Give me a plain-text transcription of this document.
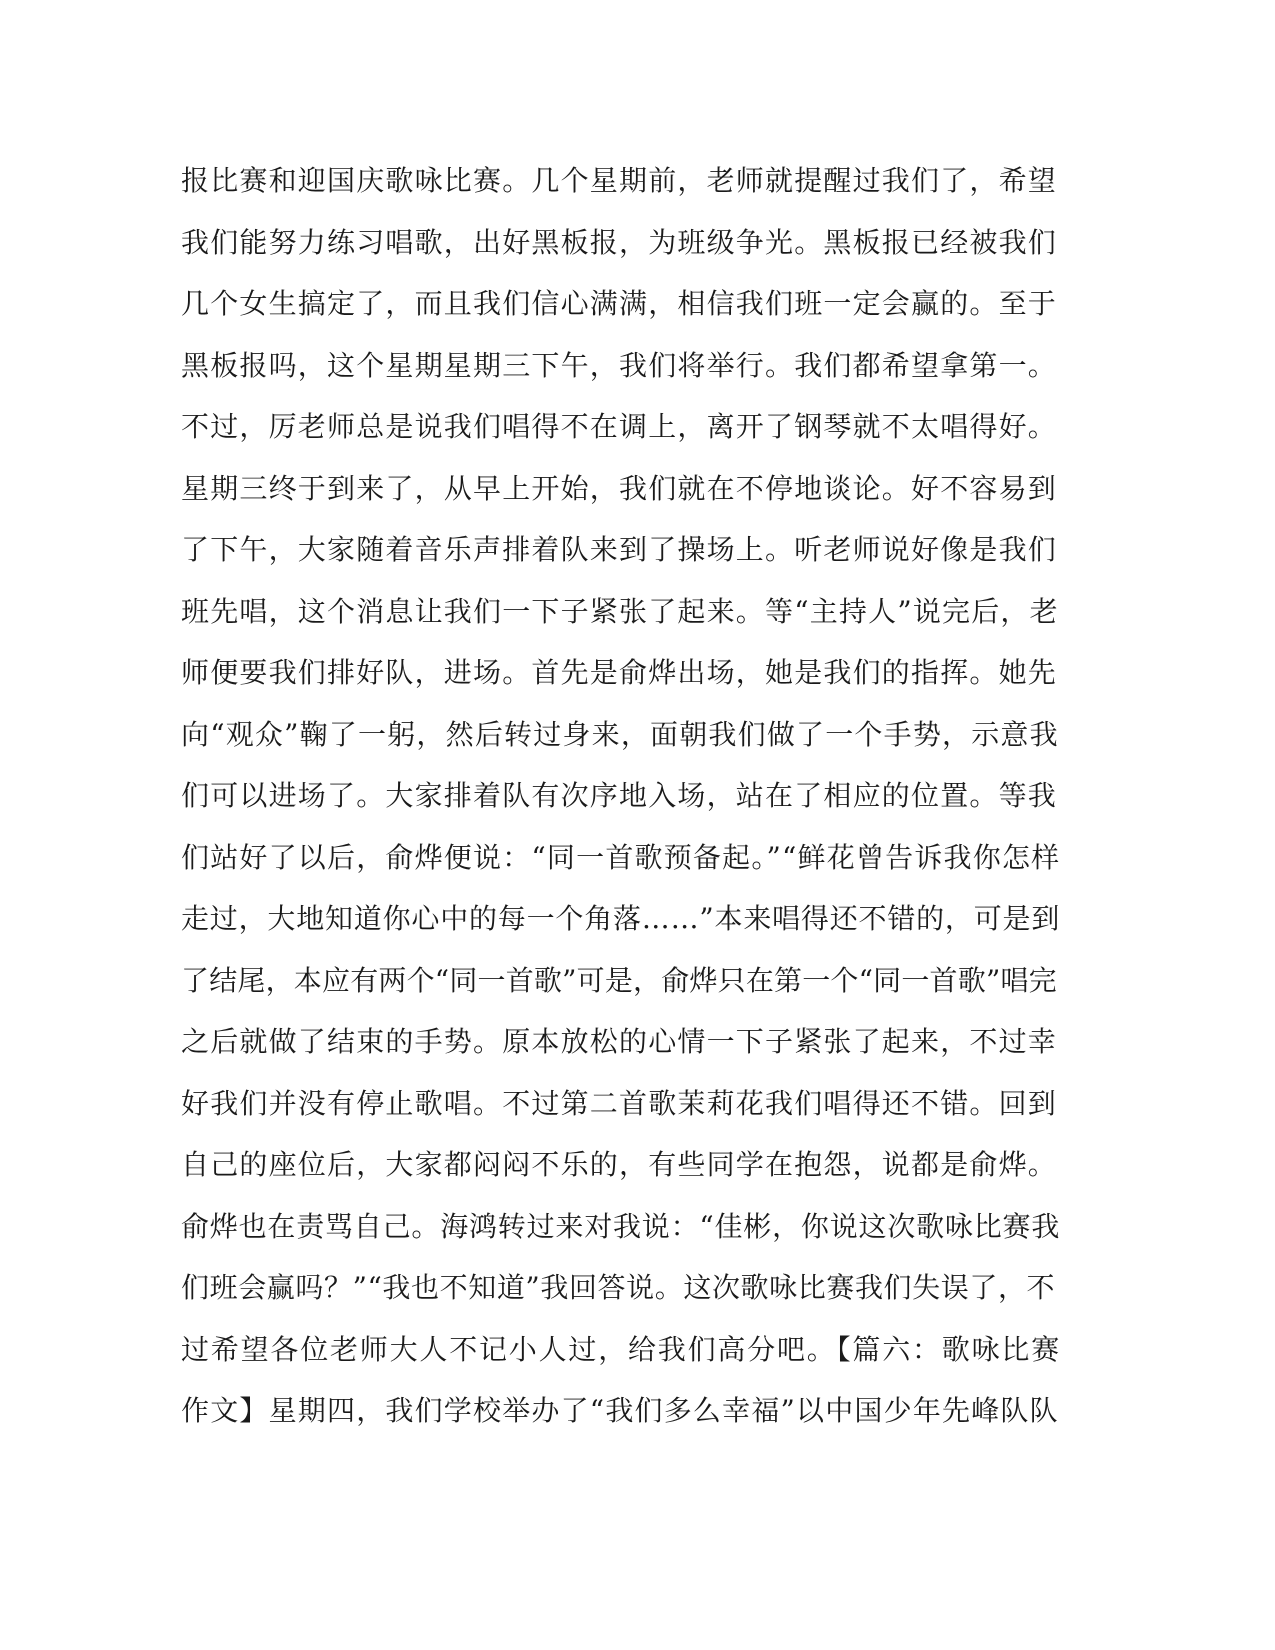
报比赛和迎国庆歌咏比赛。几个星期前，老师就提醒过我们了，希望
我们能努力练习唱歌，出好黑板报，为班级争光。黑板报已经被我们
几个女生搞定了，而且我们信心满满，相信我们班一定会赢的。至于
黑板报吗，这个星期星期三下午，我们将举行。我们都希望拿第一。
不过，厉老师总是说我们唱得不在调上，离开了钢琴就不太唱得好。
星期三终于到来了，从早上开始，我们就在不停地谈论。好不容易到
了下午，大家随着音乐声排着队来到了操场上。听老师说好像是我们
班先唱，这个消息让我们一下子紧张了起来。等“主持人”说完后，老
师便要我们排好队，进场。首先是俞烨出场，她是我们的指挥。她先
向“观众”鞠了一躬，然后转过身来，面朝我们做了一个手势，示意我
们可以进场了。大家排着队有次序地入场，站在了相应的位置。等我
们站好了以后，俞烨便说：“同一首歌预备起。”“鲜花曾告诉我你怎样
走过，大地知道你心中的每一个角落……”本来唱得还不错的，可是到
了结尾，本应有两个“同一首歌”可是，俞烨只在第一个“同一首歌”唱完
之后就做了结束的手势。原本放松的心情一下子紧张了起来，不过幸
好我们并没有停止歌唱。不过第二首歌茉莉花我们唱得还不错。回到
自己的座位后，大家都闷闷不乐的，有些同学在抱怨，说都是俞烨。
俞烨也在责骂自己。海鸿转过来对我说：“佳彬，你说这次歌咏比赛我
们班会赢吗？”“我也不知道”我回答说。这次歌咏比赛我们失误了，不
过希望各位老师大人不记小人过，给我们高分吧。【篇六：歌咏比赛
作文】星期四，我们学校举办了“我们多么幸福”以中国少年先峰队队
